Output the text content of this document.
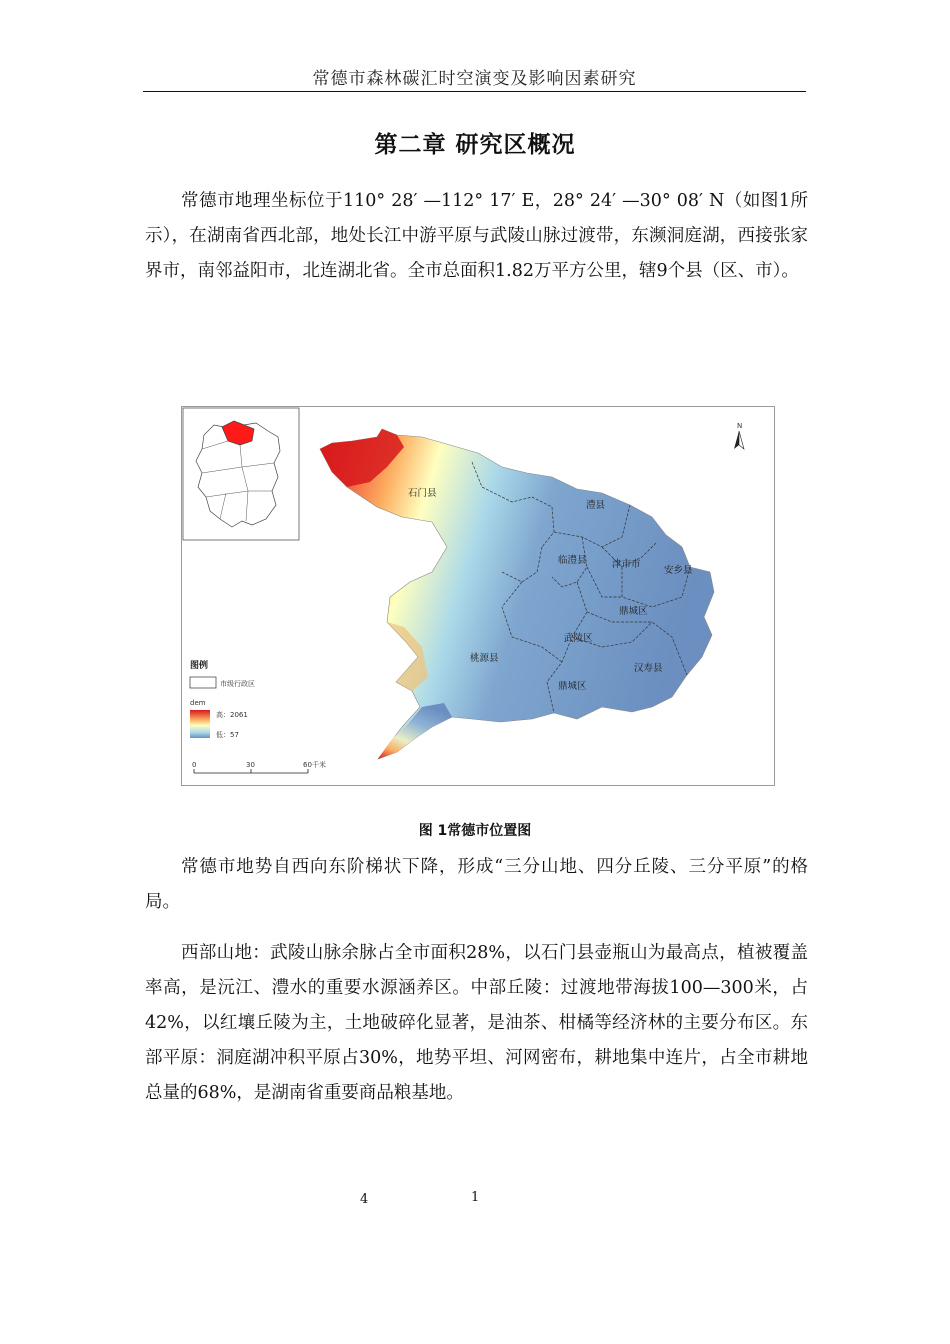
常德市森林碳汇时空演变及影响因素研究
第二章 研究区概况

常德市地理坐标位于110° 28′ —112° 17′ E，28° 24′ —30° 08′ N（如图1所示），在湖南省西北部，地处长江中游平原与武陵山脉过渡带，东濒洞庭湖，西接张家界市，南邻益阳市，北连湖北省。全市总面积1.82万平方公里，辖9个县（区、市）。

石门县
澧县
临澧县	津市市
安乡县
鼎城区
武陵区
桃源县
汉寿县
鼎城区
N
图例
市级行政区
dem
高：2061
低：57
0	30	60 千米
图 1常德市位置图

常德市地势自西向东阶梯状下降，形成“三分山地、四分丘陵、三分平原”的格局。

西部山地：武陵山脉余脉占全市面积28%，以石门县壶瓶山为最高点，植被覆盖率高，是沅江、澧水的重要水源涵养区。中部丘陵：过渡地带海拔100—300米，占42%，以红壤丘陵为主，土地破碎化显著，是油茶、柑橘等经济林的主要分布区。东部平原：洞庭湖冲积平原占30%，地势平坦、河网密布，耕地集中连片，占全市耕地总量的68%，是湖南省重要商品粮基地。

4	1
